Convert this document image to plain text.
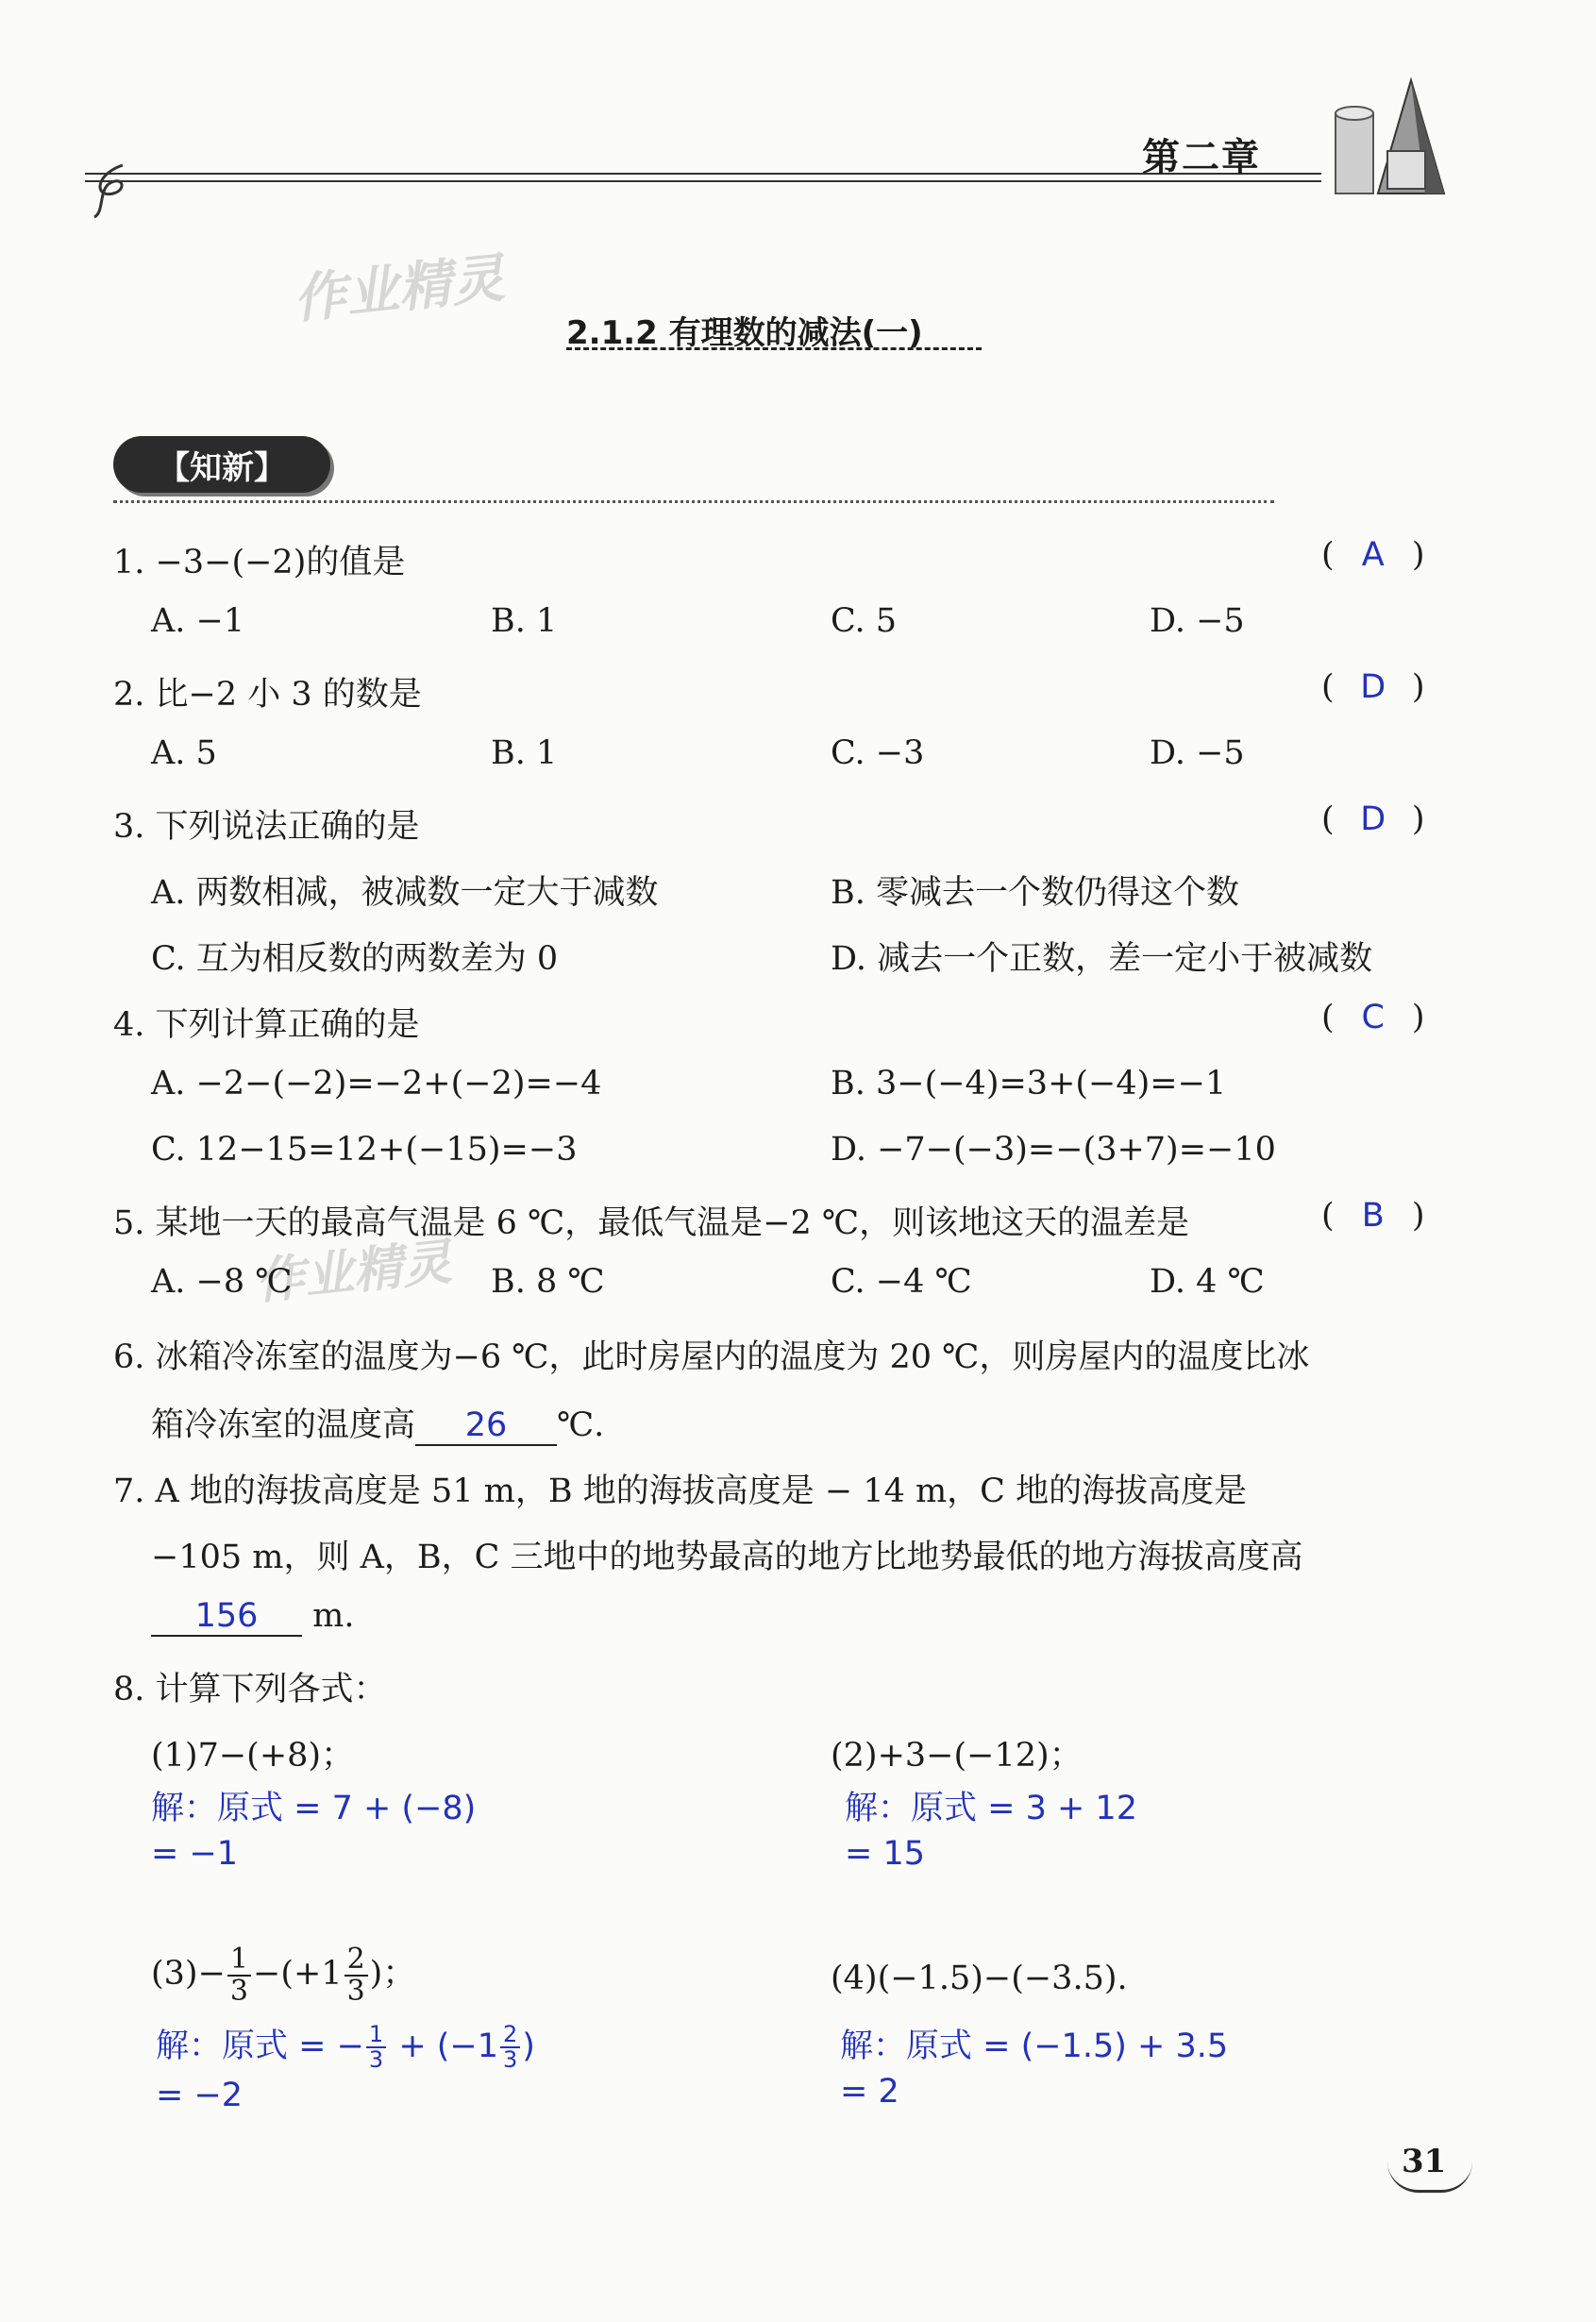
第二章
作业精灵
作业精灵
2.1.2 有理数的减法(一)
【知新】
1. −3−(−2)的值是	( A )
A. −1	B. 1	C. 5	D. −5
2. 比−2 小 3 的数是	( D )
A. 5	B. 1	C. −3	D. −5
3. 下列说法正确的是	( D )
A. 两数相减，被减数一定大于减数	B. 零减去一个数仍得这个数
C. 互为相反数的两数差为 0	D. 减去一个正数，差一定小于被减数
4. 下列计算正确的是	( C )
A. −2−(−2)=−2+(−2)=−4	B. 3−(−4)=3+(−4)=−1
C. 12−15=12+(−15)=−3	D. −7−(−3)=−(3+7)=−10
5. 某地一天的最高气温是 6 ℃，最低气温是−2 ℃，则该地这天的温差是	( B )
A. −8 ℃	B. 8 ℃	C. −4 ℃	D. 4 ℃
6. 冰箱冷冻室的温度为−6 ℃，此时房屋内的温度为 20 ℃，则房屋内的温度比冰
箱冷冻室的温度高 26 ℃.
7. A 地的海拔高度是 51 m，B 地的海拔高度是 − 14 m，C 地的海拔高度是
−105 m，则 A，B，C 三地中的地势最高的地方比地势最低的地方海拔高度高
156 m.
8. 计算下列各式：
(1)7−(+8)；
解：原式 = 7 + (−8)
= −1
(2)+3−(−12)；
解：原式 = 3 + 12
= 15
$(3)- \frac{1}{3} -(+1 \frac{2}{3}$ )；
解：原式 = − $\frac{1}{3} + (-1 \frac{2}{3}$ )
= −2
(4)(−1.5)−(−3.5).
解：原式 = (−1.5) + 3.5
= 2
31
